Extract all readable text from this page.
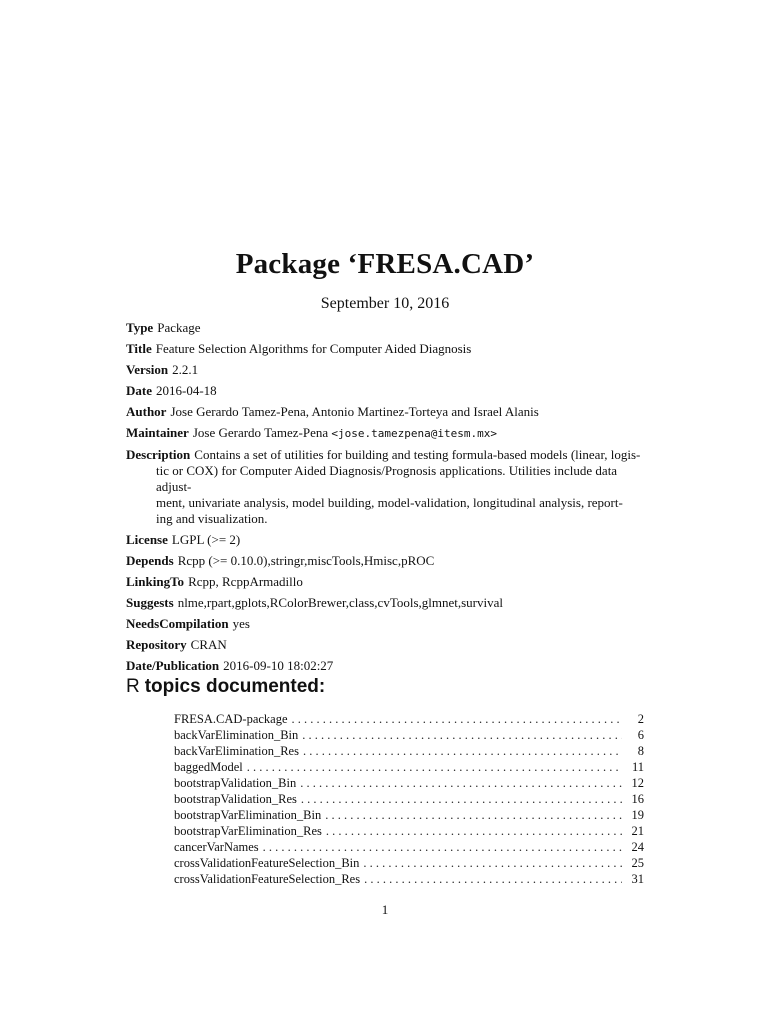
Package ‘FRESA.CAD’
September 10, 2016
Type Package
Title Feature Selection Algorithms for Computer Aided Diagnosis
Version 2.2.1
Date 2016-04-18
Author Jose Gerardo Tamez-Pena, Antonio Martinez-Torteya and Israel Alanis
Maintainer Jose Gerardo Tamez-Pena <jose.tamezpena@itesm.mx>
Description Contains a set of utilities for building and testing formula-based models (linear, logis-
tic or COX) for Computer Aided Diagnosis/Prognosis applications. Utilities include data adjust-
ment, univariate analysis, model building, model-validation, longitudinal analysis, report-
ing and visualization.
License LGPL (>= 2)
Depends Rcpp (>= 0.10.0),stringr,miscTools,Hmisc,pROC
LinkingTo Rcpp, RcppArmadillo
Suggests nlme,rpart,gplots,RColorBrewer,class,cvTools,glmnet,survival
NeedsCompilation yes
Repository CRAN
Date/Publication 2016-09-10 18:02:27
R topics documented:
FRESA.CAD-package . . .	2
backVarElimination_Bin . . .	6
backVarElimination_Res . . .	8
baggedModel . . .	11
bootstrapValidation_Bin . . .	12
bootstrapValidation_Res . . .	16
bootstrapVarElimination_Bin . . .	19
bootstrapVarElimination_Res . . .	21
cancerVarNames . . .	24
crossValidationFeatureSelection_Bin . . .	25
crossValidationFeatureSelection_Res . . .	31
1
